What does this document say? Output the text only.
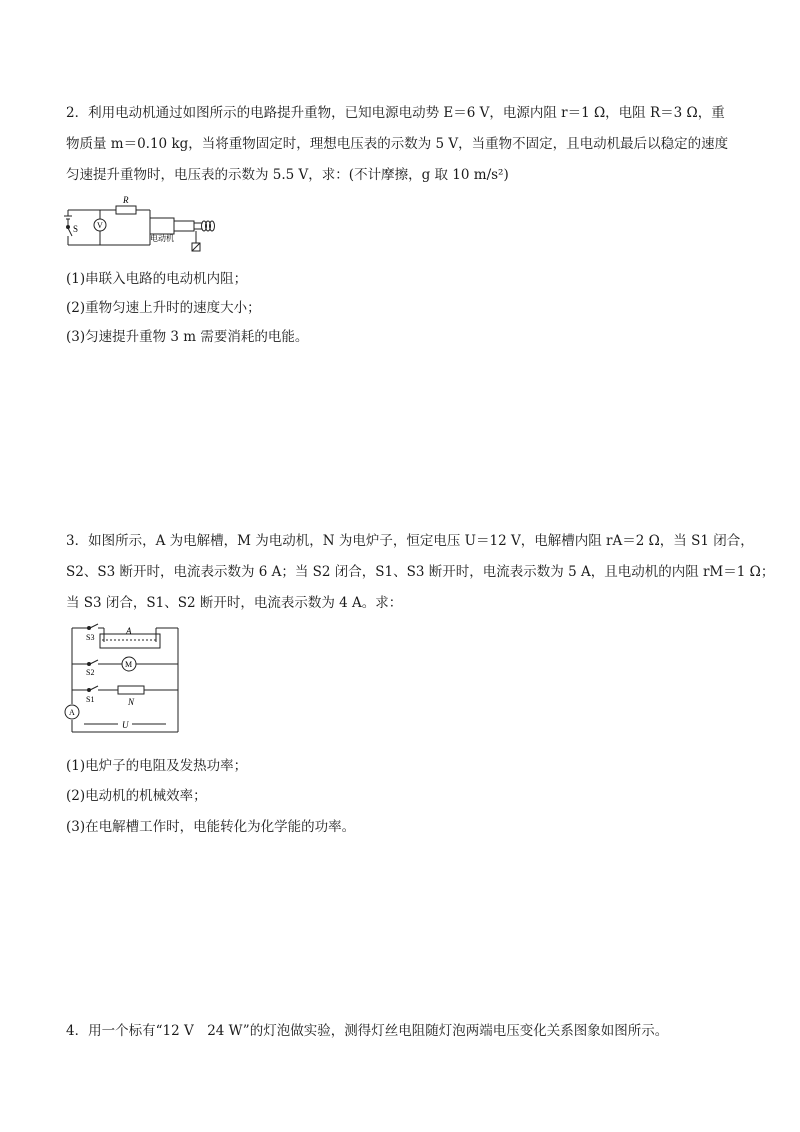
2．利用电动机通过如图所示的电路提升重物，已知电源电动势 E＝6 V，电源内阻 r＝1 Ω，电阻 R＝3 Ω，重
物质量 m＝0.10 kg，当将重物固定时，理想电压表的示数为 5 V，当重物不固定，且电动机最后以稳定的速度
匀速提升重物时，电压表的示数为 5.5 V，求：(不计摩擦，g 取 10 m/s²)
R
V
S
电动机
(1)串联入电路的电动机内阻；
(2)重物匀速上升时的速度大小；
(3)匀速提升重物 3 m 需要消耗的电能。
3．如图所示，A 为电解槽，M 为电动机，N 为电炉子，恒定电压 U＝12 V，电解槽内阻 rA＝2 Ω，当 S1 闭合，
S2、S3 断开时，电流表示数为 6 A；当 S2 闭合，S1、S3 断开时，电流表示数为 5 A，且电动机的内阻 rM＝1 Ω；
当 S3 闭合，S1、S2 断开时，电流表示数为 4 A。求：
S3
A
S2
M
S1	N
A
U
(1)电炉子的电阻及发热功率；
(2)电动机的机械效率；
(3)在电解槽工作时，电能转化为化学能的功率。
4．用一个标有“12 V　24 W”的灯泡做实验，测得灯丝电阻随灯泡两端电压变化关系图象如图所示。
